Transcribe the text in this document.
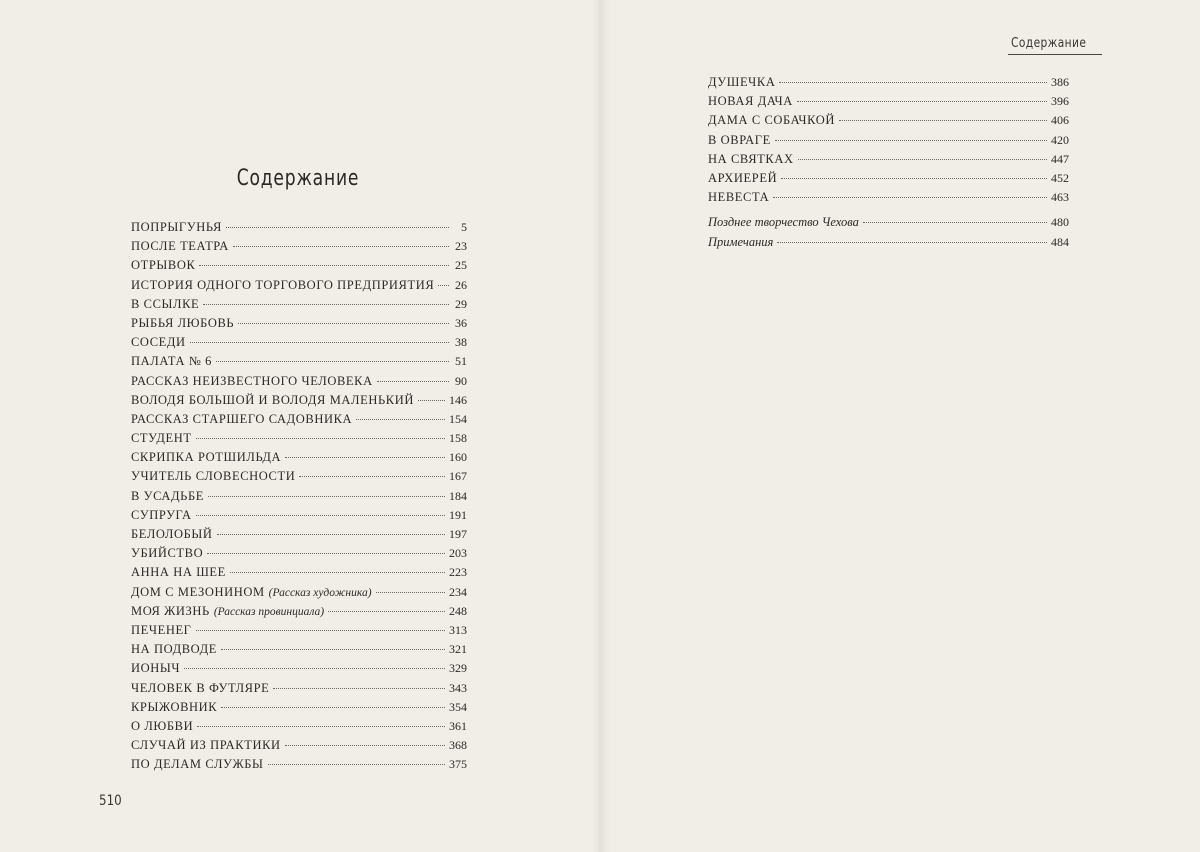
Содержание
ПОПРЫГУНЬЯ	5
ПОСЛЕ ТЕАТРА	23
ОТРЫВОК	25
ИСТОРИЯ ОДНОГО ТОРГОВОГО ПРЕДПРИЯТИЯ 26
В ССЫЛКЕ	29
РЫБЬЯ ЛЮБОВЬ	36
СОСЕДИ	38
ПАЛАТА № 6	51
РАССКАЗ НЕИЗВЕСТНОГО ЧЕЛОВЕКА	90
ВОЛОДЯ БОЛЬШОЙ И ВОЛОДЯ МАЛЕНЬКИЙ	146
РАССКАЗ СТАРШЕГО САДОВНИКА	154
СТУДЕНТ	158
СКРИПКА РОТШИЛЬДА	160
УЧИТЕЛЬ СЛОВЕСНОСТИ	167
В УСАДЬБЕ	184
СУПРУГА	191
БЕЛОЛОБЫЙ	197
УБИЙСТВО	203
АННА НА ШЕЕ	223
ДОМ С МЕЗОНИНОМ (Рассказ художника)	234
МОЯ ЖИЗНЬ (Рассказ провинциала)	248
ПЕЧЕНЕГ	313
НА ПОДВОДЕ	321
ИОНЫЧ	329
ЧЕЛОВЕК В ФУТЛЯРЕ	343
КРЫЖОВНИК	354
О ЛЮБВИ	361
СЛУЧАЙ ИЗ ПРАКТИКИ	368
ПО ДЕЛАМ СЛУЖБЫ	375
Содержание
ДУШЕЧКА	386
НОВАЯ ДАЧА	396
ДАМА С СОБАЧКОЙ	406
В ОВРАГЕ	420
НА СВЯТКАХ	447
АРХИЕРЕЙ	452
НЕВЕСТА	463
Позднее творчество Чехова	480
Примечания	484
510
